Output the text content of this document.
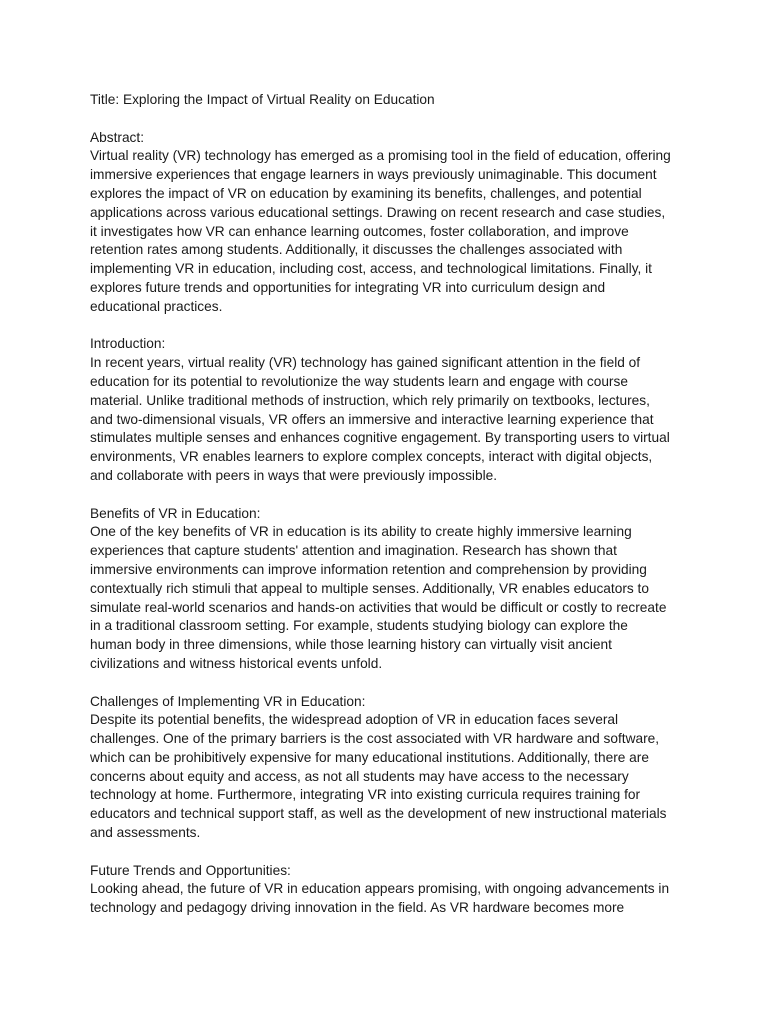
Title: Exploring the Impact of Virtual Reality on Education
Abstract:
Virtual reality (VR) technology has emerged as a promising tool in the field of education, offering
immersive experiences that engage learners in ways previously unimaginable. This document
explores the impact of VR on education by examining its benefits, challenges, and potential
applications across various educational settings. Drawing on recent research and case studies,
it investigates how VR can enhance learning outcomes, foster collaboration, and improve
retention rates among students. Additionally, it discusses the challenges associated with
implementing VR in education, including cost, access, and technological limitations. Finally, it
explores future trends and opportunities for integrating VR into curriculum design and
educational practices.
Introduction:
In recent years, virtual reality (VR) technology has gained significant attention in the field of
education for its potential to revolutionize the way students learn and engage with course
material. Unlike traditional methods of instruction, which rely primarily on textbooks, lectures,
and two-dimensional visuals, VR offers an immersive and interactive learning experience that
stimulates multiple senses and enhances cognitive engagement. By transporting users to virtual
environments, VR enables learners to explore complex concepts, interact with digital objects,
and collaborate with peers in ways that were previously impossible.
Benefits of VR in Education:
One of the key benefits of VR in education is its ability to create highly immersive learning
experiences that capture students' attention and imagination. Research has shown that
immersive environments can improve information retention and comprehension by providing
contextually rich stimuli that appeal to multiple senses. Additionally, VR enables educators to
simulate real-world scenarios and hands-on activities that would be difficult or costly to recreate
in a traditional classroom setting. For example, students studying biology can explore the
human body in three dimensions, while those learning history can virtually visit ancient
civilizations and witness historical events unfold.
Challenges of Implementing VR in Education:
Despite its potential benefits, the widespread adoption of VR in education faces several
challenges. One of the primary barriers is the cost associated with VR hardware and software,
which can be prohibitively expensive for many educational institutions. Additionally, there are
concerns about equity and access, as not all students may have access to the necessary
technology at home. Furthermore, integrating VR into existing curricula requires training for
educators and technical support staff, as well as the development of new instructional materials
and assessments.
Future Trends and Opportunities:
Looking ahead, the future of VR in education appears promising, with ongoing advancements in
technology and pedagogy driving innovation in the field. As VR hardware becomes more
